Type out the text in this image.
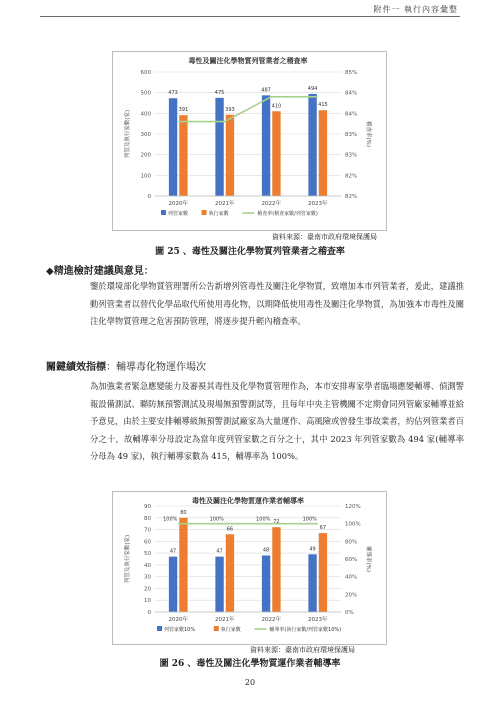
附件一 執行內容彙整
毒性及關注化學物質列管業者之稽查率
0
100
200
300
400
500
600
82%
82%
83%
83%
84%
84%
85%
列管及執行家數(家)	稽查率(%)
2020年
473
391
2021年
475
393
2022年
487
410
2023年
494
415
列管家數	執行家數	稽查率(稽查家數/列管家數)
資料來源：臺南市政府環境保護局
圖 25 、毒性及關注化學物質列管業者之稽查率
◆精進檢討建議與意見：
鑒於環境部化學物質管理署所公告新增列管毒性及關注化學物質，致增加本市列管業者，爰此，建議推動列管業者以替代化學品取代所使用毒化物，以期降低使用毒性及關注化學物質，為加強本市毒性及關注化學物質管理之危害預防管理，將逐步提升輕內稽查率。
關鍵績效指標：輔導毒化物運作場次
為加強業者緊急應變能力及審視其毒性及化學物質管理作為，本市安排專家學者臨場應變輔導、偵測警報設備測試、聯防無預警測試及現場無預警測試等，且每年中央主管機關不定期會同列管廠家輔導並給予意見，由於主要安排輔導級無預警測試廠家為大量運作、高風險或曾發生事故業者，約佔列管業者百分之十，故輔導率分母設定為當年度列管家數之百分之十，其中 2023 年列管家數為 494 家(輔導率分母為 49 家)，執行輔導家數為 415，輔導率為 100%。
毒性及關注化學物質運作業者輔導率
0
10
20
30
40
50
60
70
80
90
0%
20%
40%
60%
80%
100%
120%
列管及執行家數(家)	輔導率(%)
2020年
47
80
2021年
47
66
2022年
48
72
2023年
49
67
100%	100%	100%	100%
列管家數10%	執行家數	輔導率(執行家數/列管家數10%)
資料來源：臺南市政府環境保護局
圖 26 、毒性及關注化學物質運作業者輔導率
20
